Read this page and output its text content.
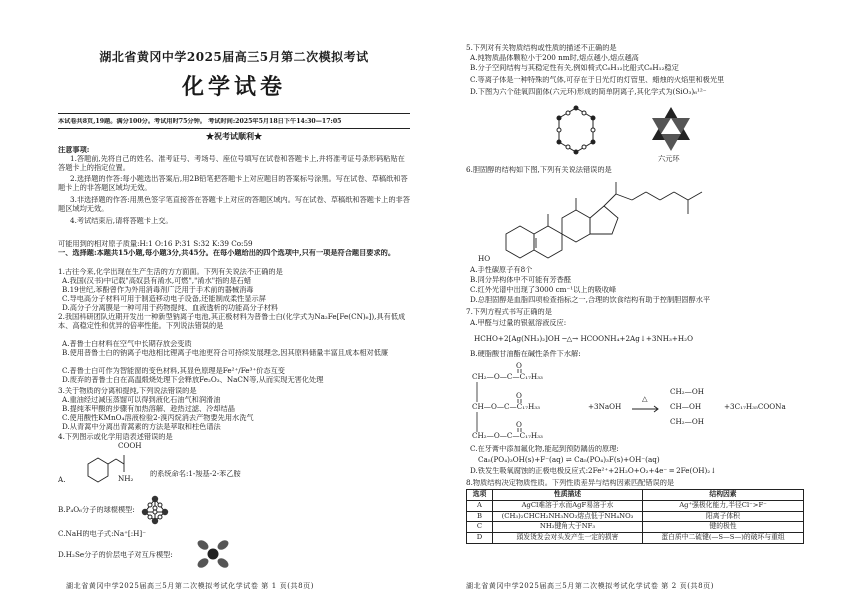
湖北省黄冈中学2025届高三5月第二次模拟考试
化学试卷
本试卷共8页,19题。满分100分。考试用时75分钟。 考试时间:2025年5月18日下午14:30—17:05
★祝考试顺利★
注意事项:
1.答题前,先将自己的姓名、准考证号、考场号、座位号填写在试卷和答题卡上,并将准考证号条形码粘贴在答题卡上的指定位置。
2.选择题的作答:每小题选出答案后,用2B铅笔把答题卡上对应题目的答案标号涂黑。写在试卷、草稿纸和答题卡上的非答题区域均无效。
3.非选择题的作答:用黑色签字笔直接答在答题卡上对应的答题区域内。写在试卷、草稿纸和答题卡上的非答题区域均无效。
4.考试结束后,请将答题卡上交。
可能用到的相对原子质量:H:1 O:16 P:31 S:32 K:39 Co:59
一、选择题:本题共15小题,每小题3分,共45分。在每小题给出的四个选项中,只有一项是符合题目要求的。
1.古往今来,化学出现在生产生活的方方面面。下列有关说法不正确的是
A.我国(汉书)中记载"高奴县有淆水,可燃","淆水"指的是石蜡
B.19世纪,苯酚曾作为外用消毒剂广泛用于手术前的器械消毒
C.导电高分子材料可用于制造移动电子设备,还能制成柔性显示屏
D.高分子分离膜是一种可用于药物提纯、血液透析的功能高分子材料
2.我国科研团队近期开发出一种新型钠离子电池,其正极材料为普鲁士白(化学式为Na₂Fe[Fe(CN)₆]),具有低成本、高稳定性和优异的倍率性能。下列说法错误的是
A.普鲁士白材料在空气中长期存放会变质
B.使用普鲁士白的钠离子电池相比锂离子电池更符合可持续发展理念,因其原料储量丰富且成本相对低廉
C.普鲁士白可作为智能窗的变色材料,其显色原理是Fe²⁺/Fe³⁺价态互变
D.废弃的普鲁士白在高温煅烧处理下会释放Fe₂O₃、NaCN等,从而实现无害化处理
3.关于物质的分离和提纯,下列说法错误的是
A.重油经过减压蒸馏可以得到液化石油气和润滑油
B.提纯苯甲酸的步骤有加热溶解、趁热过滤、冷却结晶
C.使用酸性KMnO₄溶液检验2-溴丙烷消去产物要先用水洗气
D.从青蒿中分离出青蒿素的方法是萃取和柱色谱法
4.下列图示或化学用语表述错误的是
A.
COOH
NH₂
的系统命名:1-羧基-2-苯乙胺
B.P₄O₆分子的球棍模型:
C.NaH的电子式:Na⁺[:H]⁻
D.H₂Se分子的价层电子对互斥模型:
湖北省黄冈中学2025届高三5月第二次模拟考试化学试卷 第 1 页(共8页)
5.下列对有关物质结构或性质的描述不正确的是
A.纯物质晶体颗粒小于200 nm时,熔点越小,熔点越高
B.分子空间结构与其稳定性有关,例如椅式C₆H₁₂比船式C₆H₁₂稳定
C.等离子体是一种特殊的气体,可存在于日光灯的灯管里、蜡烛的火焰里和极光里
D.下图为六个硅氧四面体(六元环)形成的简单阴离子,其化学式为(SiO₃)₆¹²⁻
六元环
6.胆固醇的结构如下图,下列有关说法错误的是
HO
A.手性碳原子有8个
B.同分异构体中不可能有芳香醛
C.红外光谱中出现了3000 cm⁻¹以上的吸收峰
D.总胆固醇是血脂四项检查指标之一,合理的饮食结构有助于控制胆固醇水平
7.下列方程式书写正确的是
A.甲醛与过量的银氨溶液反应:
HCHO+2[Ag(NH₃)₂]OH ─△→ HCOONH₄+2Ag↓+3NH₃+H₂O
B.硬脂酸甘油酯在碱性条件下水解:
O
CH₂—O—C—C₁₇H₃₃
O
CH—O—C—C₁₇H₃₃
O
CH₂—O—C—C₁₇H₃₃
+3NaOH
△
CH₂—OH
CH—OH
CH₂—OH
+3C₁₇H₃₅COONa
C.在牙膏中添加氟化物,能起到预防龋齿的原理:
Ca₅(PO₄)₃OH(s)+F⁻(aq) ⇌ Ca₅(PO₄)₃F(s)+OH⁻(aq)
D.铁发生吸氧腐蚀的正极电极反应式:2Fe²⁺+2H₂O+O₂+4e⁻ ═ 2Fe(OH)₂↓
8.物质结构决定物质性质。下列性质差异与结构因素匹配错误的是
选项	性质描述	结构因素
A	AgCl难溶于水而AgF易溶于水	Ag⁺强极化能力,半径Cl⁻>F⁻
B	(CH₃)₂CHCH₂NH₃NO₃熔点低于NH₄NO₃	阳离子体积
C	NH₃键角大于NF₃	键的极性
D	頭发烫发会对头发产生一定的损害	蛋白质中二硫键(—S—S—)的破坏与重组
湖北省黄冈中学2025届高三5月第二次模拟考试化学试卷 第 2 页(共8页)
